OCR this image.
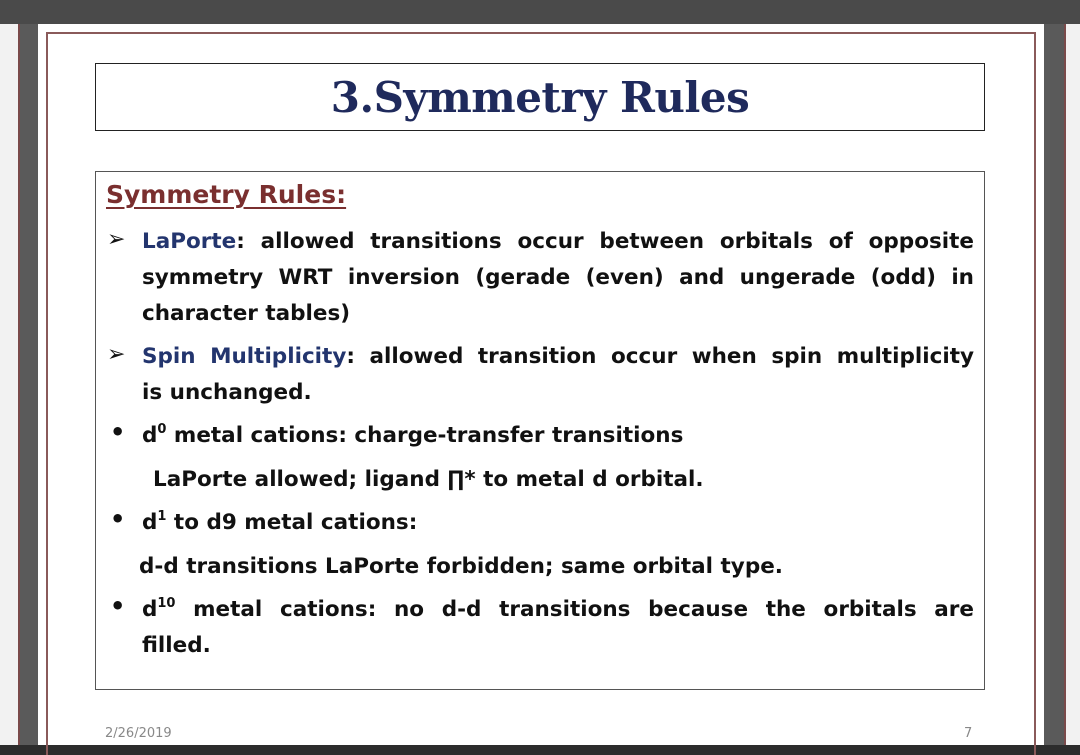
3.Symmetry Rules
Symmetry Rules:
➢ LaPorte: allowed transitions occur between orbitals of opposite
symmetry WRT inversion (gerade (even) and ungerade (odd) in
character tables)
➢ Spin Multiplicity: allowed transition occur when spin multiplicity
is unchanged.
• $d^0$ metal cations: charge-transfer transitions
LaPorte allowed; ligand ∏* to metal d orbital.
• $d^1$ to d9 metal cations:
d-d transitions LaPorte forbidden; same orbital type.
• $d^{10}$ metal cations: no d-d transitions because the orbitals are
filled.
2/26/2019	7
